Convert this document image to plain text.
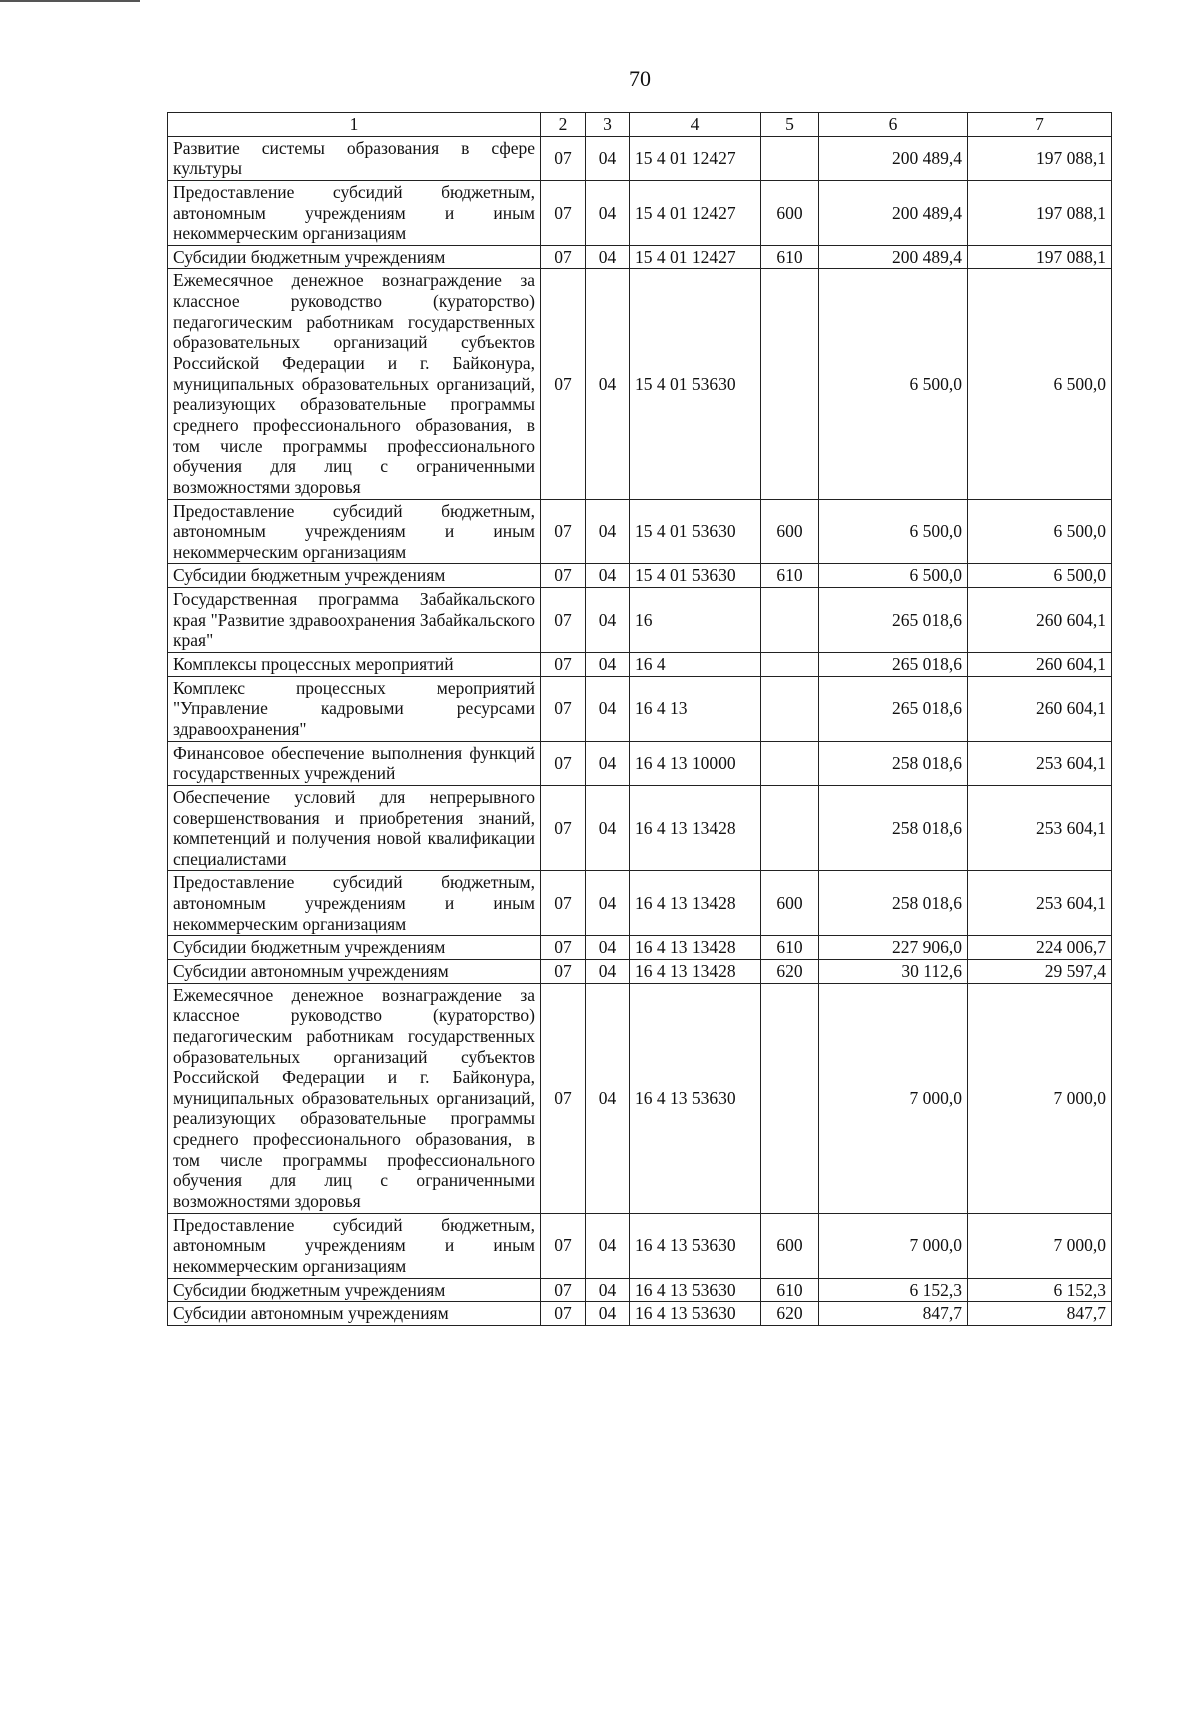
70
1	2	3	4	5	6	7
Развитие системы образования в сфере культуры	07	04	15 4 01 12427		200 489,4	197 088,1
Предоставление субсидий бюджетным, автономным учреждениям и иным некоммерческим организациям	07	04	15 4 01 12427	600	200 489,4	197 088,1
Субсидии бюджетным учреждениям	07	04	15 4 01 12427	610	200 489,4	197 088,1
Ежемесячное денежное вознаграждение за классное руководство (кураторство) педагогическим работникам государственных образовательных организаций субъектов Российской Федерации и г. Байконура, муниципальных образовательных организаций, реализующих образовательные программы среднего профессионального образования, в том числе программы профессионального обучения для лиц с ограниченными возможностями здоровья	07	04	15 4 01 53630		6 500,0	6 500,0
Предоставление субсидий бюджетным, автономным учреждениям и иным некоммерческим организациям	07	04	15 4 01 53630	600	6 500,0	6 500,0
Субсидии бюджетным учреждениям	07	04	15 4 01 53630	610	6 500,0	6 500,0
Государственная программа Забайкальского края "Развитие здравоохранения Забайкальского края"	07	04	16		265 018,6	260 604,1
Комплексы процессных мероприятий	07	04	16 4		265 018,6	260 604,1
Комплекс процессных мероприятий "Управление кадровыми ресурсами здравоохранения"	07	04	16 4 13		265 018,6	260 604,1
Финансовое обеспечение выполнения функций государственных учреждений	07	04	16 4 13 10000		258 018,6	253 604,1
Обеспечение условий для непрерывного совершенствования и приобретения знаний, компетенций и получения новой квалификации специалистами	07	04	16 4 13 13428		258 018,6	253 604,1
Предоставление субсидий бюджетным, автономным учреждениям и иным некоммерческим организациям	07	04	16 4 13 13428	600	258 018,6	253 604,1
Субсидии бюджетным учреждениям	07	04	16 4 13 13428	610	227 906,0	224 006,7
Субсидии автономным учреждениям	07	04	16 4 13 13428	620	30 112,6	29 597,4
Ежемесячное денежное вознаграждение за классное руководство (кураторство) педагогическим работникам государственных образовательных организаций субъектов Российской Федерации и г. Байконура, муниципальных образовательных организаций, реализующих образовательные программы среднего профессионального образования, в том числе программы профессионального обучения для лиц с ограниченными возможностями здоровья	07	04	16 4 13 53630		7 000,0	7 000,0
Предоставление субсидий бюджетным, автономным учреждениям и иным некоммерческим организациям	07	04	16 4 13 53630	600	7 000,0	7 000,0
Субсидии бюджетным учреждениям	07	04	16 4 13 53630	610	6 152,3	6 152,3
Субсидии автономным учреждениям	07	04	16 4 13 53630	620	847,7	847,7
